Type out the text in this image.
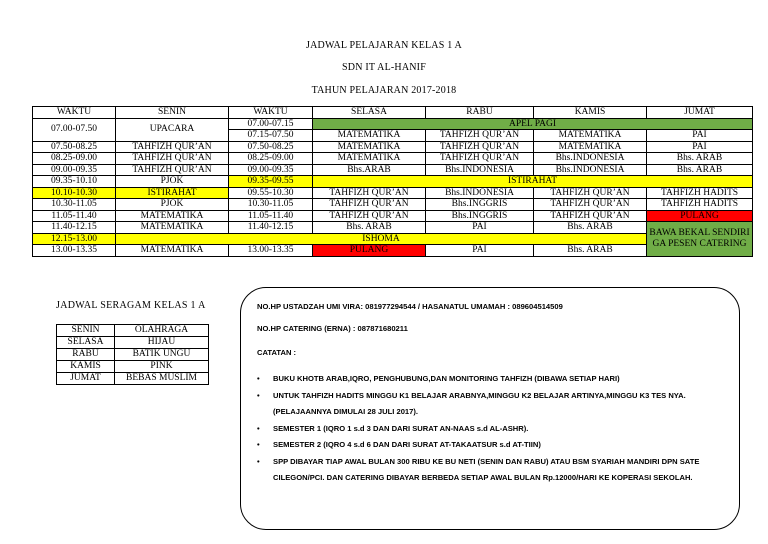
JADWAL PELAJARAN KELAS 1 A
SDN IT AL-HANIF
TAHUN PELAJARAN 2017-2018
WAKTU	SENIN	WAKTU	SELASA	RABU	KAMIS	JUMAT
07.00-07.50	UPACARA	07.00-07.15	APEL PAGI			
		07.15-07.50	MATEMATIKA	TAHFIZH QUR’AN	MATEMATIKA	PAI
07.50-08.25	TAHFIZH QUR’AN	07.50-08.25	MATEMATIKA	TAHFIZH QUR’AN	MATEMATIKA	PAI
08.25-09.00	TAHFIZH QUR’AN	08.25-09.00	MATEMATIKA	TAHFIZH QUR’AN	Bhs.INDONESIA	Bhs. ARAB
09.00-09.35	TAHFIZH QUR’AN	09.00-09.35	Bhs.ARAB	Bhs.INDONESIA	Bhs.INDONESIA	Bhs. ARAB
09.35-10.10	PJOK	09.35-09.55	ISTIRAHAT			
10.10-10.30	ISTIRAHAT	09.55-10.30	TAHFIZH QUR’AN	Bhs.INDONESIA	TAHFIZH QUR’AN	TAHFIZH HADITS
10.30-11.05	PJOK	10.30-11.05	TAHFIZH QUR’AN	Bhs.INGGRIS	TAHFIZH QUR’AN	TAHFIZH HADITS
11.05-11.40	MATEMATIKA	11.05-11.40	TAHFIZH QUR’AN	Bhs.INGGRIS	TAHFIZH QUR’AN	PULANG
11.40-12.15	MATEMATIKA	11.40-12.15	Bhs. ARAB	PAI	Bhs. ARAB	BAWA BEKAL SENDIRI GA PESEN CATERING
12.15-13.00	ISHOMA					
13.00-13.35	MATEMATIKA	13.00-13.35	PULANG	PAI	Bhs. ARAB	
JADWAL SERAGAM KELAS 1 A
SENIN	OLAHRAGA
SELASA	HIJAU
RABU	BATIK UNGU
KAMIS	PINK
JUMAT	BEBAS MUSLIM
NO.HP USTADZAH UMI VIRA: 081977294544 / HASANATUL UMAMAH : 089604514509
NO.HP CATERING (ERNA) : 087871680211
CATATAN :
• BUKU KHOTB ARAB,IQRO, PENGHUBUNG,DAN MONITORING TAHFIZH (DIBAWA SETIAP HARI)
• UNTUK TAHFIZH HADITS MINGGU K1 BELAJAR ARABNYA,MINGGU K2 BELAJAR ARTINYA,MINGGU K3 TES NYA. (PELAJAANNYA DIMULAI 28 JULI 2017).
• SEMESTER 1 (IQRO 1 s.d 3 DAN DARI SURAT AN-NAAS s.d AL-ASHR).
• SEMESTER 2 (IQRO 4 s.d 6 DAN DARI SURAT AT-TAKAATSUR s.d AT-TIIN)
• SPP DIBAYAR TIAP AWAL BULAN 300 RIBU KE BU NETI (SENIN DAN RABU) ATAU BSM SYARIAH MANDIRI DPN SATE CILEGON/PCI. DAN CATERING DIBAYAR BERBEDA SETIAP AWAL BULAN Rp.12000/HARI KE KOPERASI SEKOLAH.
